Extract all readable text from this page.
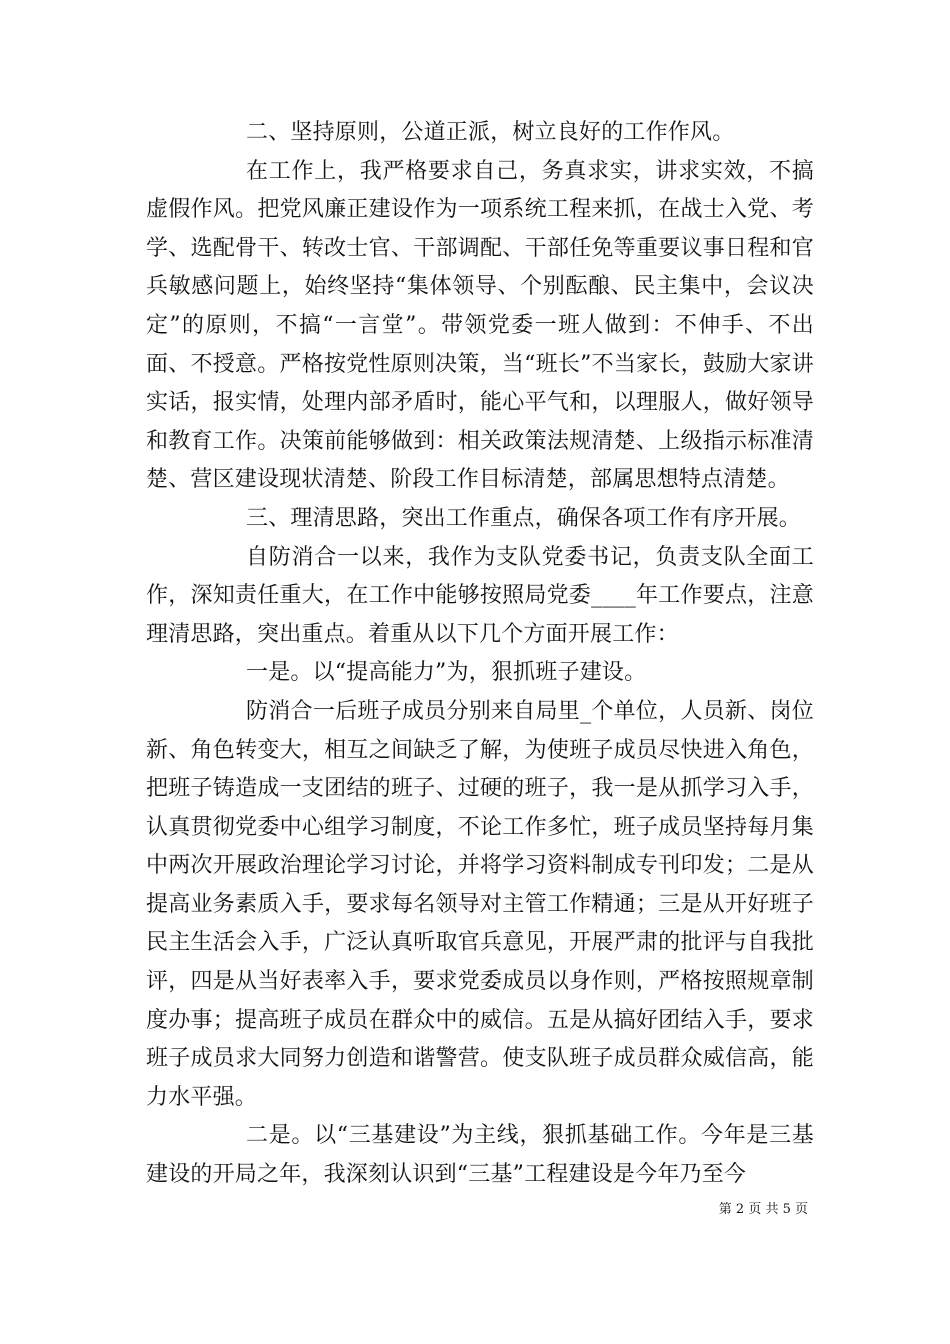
二、坚持原则，公道正派，树立良好的工作作风。

在工作上，我严格要求自己，务真求实，讲求实效，不搞虚假作风。把党风廉正建设作为一项系统工程来抓，在战士入党、考学、选配骨干、转改士官、干部调配、干部任免等重要议事日程和官兵敏感问题上，始终坚持“集体领导、个别酝酿、民主集中，会议决定”的原则，不搞“一言堂”。带领党委一班人做到：不伸手、不出面、不授意。严格按党性原则决策，当“班长”不当家长，鼓励大家讲实话，报实情，处理内部矛盾时，能心平气和，以理服人，做好领导和教育工作。决策前能够做到：相关政策法规清楚、上级指示标准清楚、营区建设现状清楚、阶段工作目标清楚，部属思想特点清楚。

三、理清思路，突出工作重点，确保各项工作有序开展。

自防消合一以来，我作为支队党委书记，负责支队全面工作，深知责任重大，在工作中能够按照局党委____年工作要点，注意理清思路，突出重点。着重从以下几个方面开展工作：

一是。以“提高能力”为，狠抓班子建设。

防消合一后班子成员分别来自局里_个单位，人员新、岗位新、角色转变大，相互之间缺乏了解，为使班子成员尽快进入角色，把班子铸造成一支团结的班子、过硬的班子，我一是从抓学习入手，认真贯彻党委中心组学习制度，不论工作多忙，班子成员坚持每月集中两次开展政治理论学习讨论，并将学习资料制成专刊印发；二是从提高业务素质入手，要求每名领导对主管工作精通；三是从开好班子民主生活会入手，广泛认真听取官兵意见，开展严肃的批评与自我批评，四是从当好表率入手，要求党委成员以身作则，严格按照规章制度办事；提高班子成员在群众中的威信。五是从搞好团结入手，要求班子成员求大同努力创造和谐警营。使支队班子成员群众威信高，能力水平强。

二是。以“三基建设”为主线，狠抓基础工作。今年是三基建设的开局之年，我深刻认识到“三基”工程建设是今年乃至今

第 2 页 共 5 页
